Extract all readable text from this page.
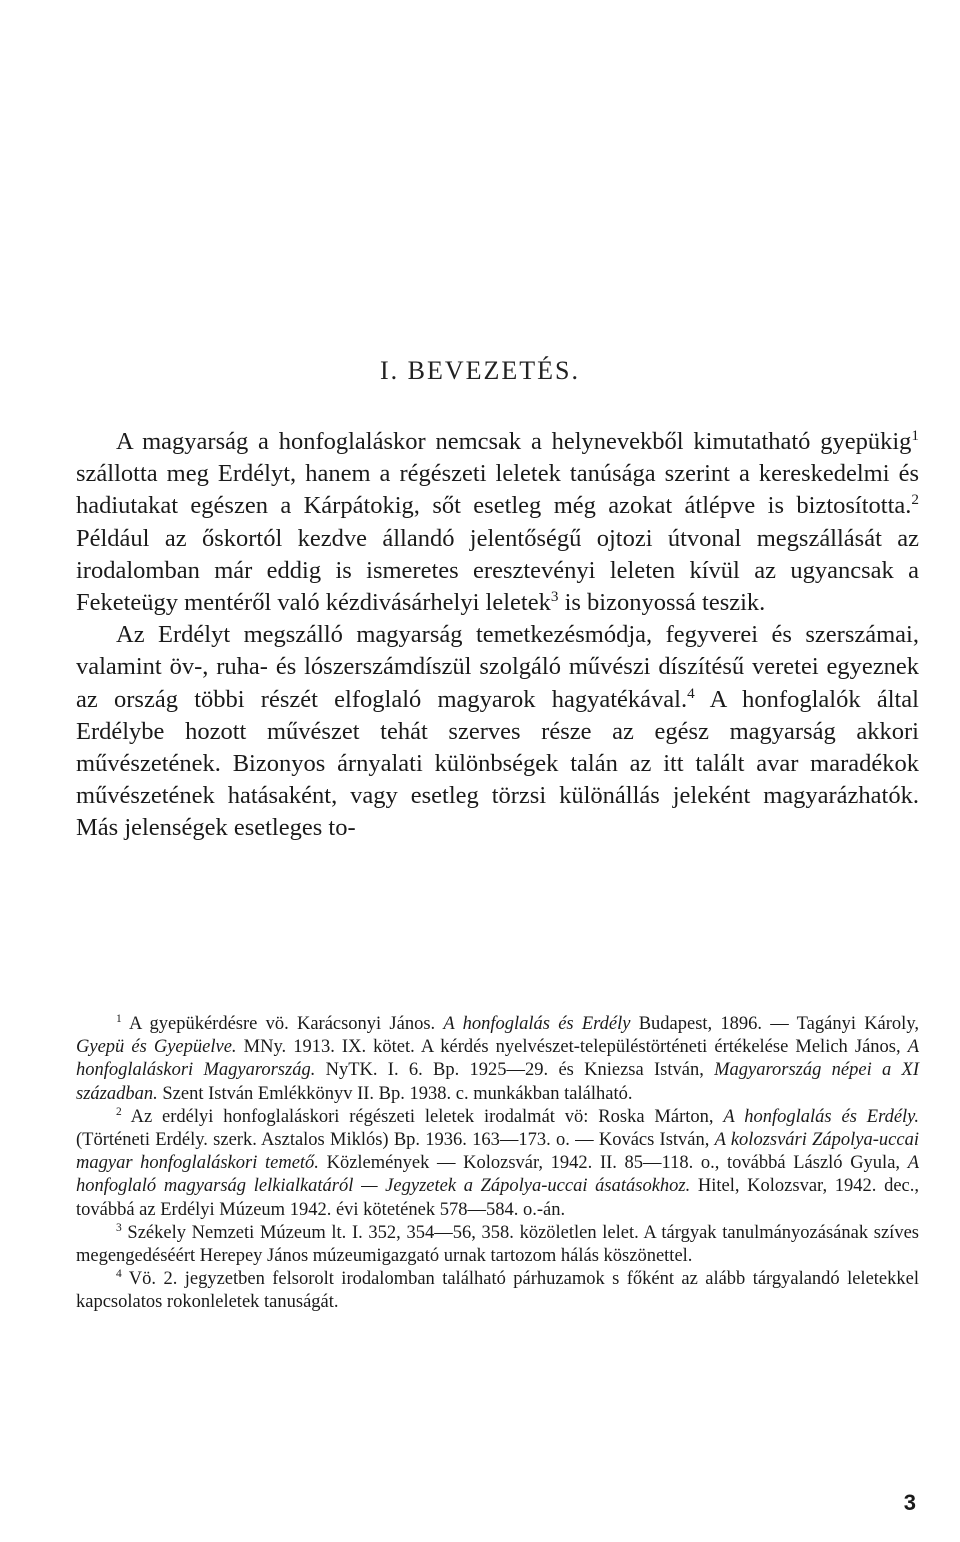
I. BEVEZETÉS.

A magyarság a honfoglaláskor nemcsak a helynevekből kimutatható gyepükig$^1$ szállotta meg Erdélyt, hanem a régészeti leletek tanúsága szerint a kereskedelmi és hadiutakat egészen a Kárpátokig, sőt esetleg még azokat átlépve is biztosította.$^2$ Például az őskortól kezdve állandó jelentőségű ojtozi útvonal megszállását az irodalomban már eddig is ismeretes eresztevényi leleten kívül az ugyancsak a Feketeügy mentéről való kézdivásárhelyi leletek$^3$ is bizonyossá teszik.

Az Erdélyt megszálló magyarság temetkezésmódja, fegyverei és szerszámai, valamint öv-, ruha- és lószerszámdíszül szolgáló művészi díszítésű veretei egyeznek az ország többi részét elfoglaló magyarok hagyatékával.$^4$ A honfoglalók által Erdélybe hozott művészet tehát szerves része az egész magyarság akkori művészetének. Bizonyos árnyalati különbségek talán az itt talált avar maradékok művészetének hatásaként, vagy esetleg törzsi különállás jeleként magyarázhatók. Más jelenségek esetleges to-

$^1$ A gyepükérdésre vö. Karácsonyi János. A honfoglalás és Erdély Budapest, 1896. — Tagányi Károly, Gyepü és Gyepüelve. MNy. 1913. IX. kötet. A kérdés nyelvészet-településtörténeti értékelése Melich János, A honfoglaláskori Magyarország. NyTK. I. 6. Bp. 1925—29. és Kniezsa István, Magyarország népei a XI században. Szent István Emlékkönyv II. Bp. 1938. c. munkákban található.

$^2$ Az erdélyi honfoglaláskori régészeti leletek irodalmát vö: Roska Márton, A honfoglalás és Erdély. (Történeti Erdély. szerk. Asztalos Miklós) Bp. 1936. 163—173. o. — Kovács István, A kolozsvári Zápolya-uccai magyar honfoglaláskori temető. Közlemények — Kolozsvár, 1942. II. 85—118. o., továbbá László Gyula, A honfoglaló magyarság lelkialkatáról — Jegyzetek a Zápolya-uccai ásatásokhoz. Hitel, Kolozsvar, 1942. dec., továbbá az Erdélyi Múzeum 1942. évi kötetének 578—584. o.-án.

$^3$ Székely Nemzeti Múzeum lt. I. 352, 354—56, 358. közöletlen lelet. A tárgyak tanulmányozásának szíves megengedéséért Herepey János múzeumigazgató urnak tartozom hálás köszönettel.

$^4$ Vö. 2. jegyzetben felsorolt irodalomban található párhuzamok s főként az alább tárgyalandó leletekkel kapcsolatos rokonleletek tanuságát.

3
